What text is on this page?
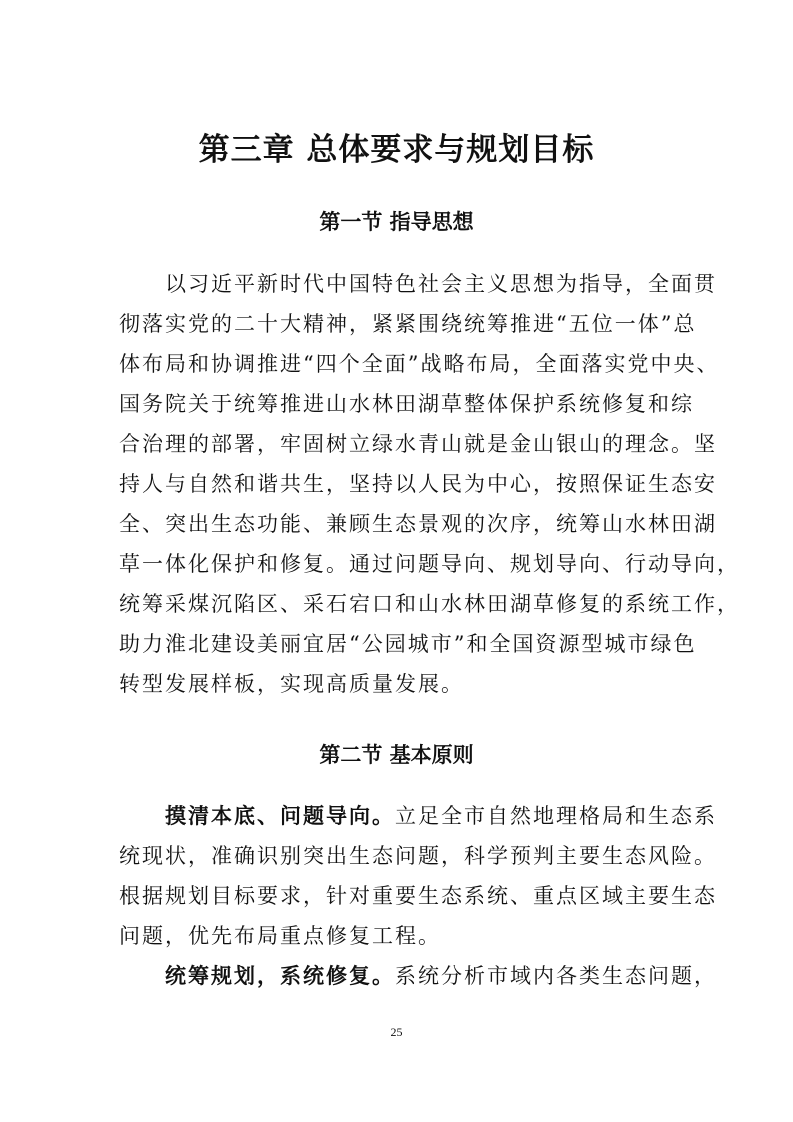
第三章 总体要求与规划目标
第一节 指导思想
　　以习近平新时代中国特色社会主义思想为指导，全面贯
彻落实党的二十大精神，紧紧围绕统筹推进“五位一体”总
体布局和协调推进“四个全面”战略布局，全面落实党中央、
国务院关于统筹推进山水林田湖草整体保护系统修复和综
合治理的部署，牢固树立绿水青山就是金山银山的理念。坚
持人与自然和谐共生，坚持以人民为中心，按照保证生态安
全、突出生态功能、兼顾生态景观的次序，统筹山水林田湖
草一体化保护和修复。通过问题导向、规划导向、行动导向，
统筹采煤沉陷区、采石宕口和山水林田湖草修复的系统工作，
助力淮北建设美丽宜居“公园城市”和全国资源型城市绿色
转型发展样板，实现高质量发展。
第二节 基本原则
　　摸清本底、问题导向。立足全市自然地理格局和生态系
统现状，准确识别突出生态问题，科学预判主要生态风险。
根据规划目标要求，针对重要生态系统、重点区域主要生态
问题，优先布局重点修复工程。
　　统筹规划，系统修复。系统分析市域内各类生态问题，
25
